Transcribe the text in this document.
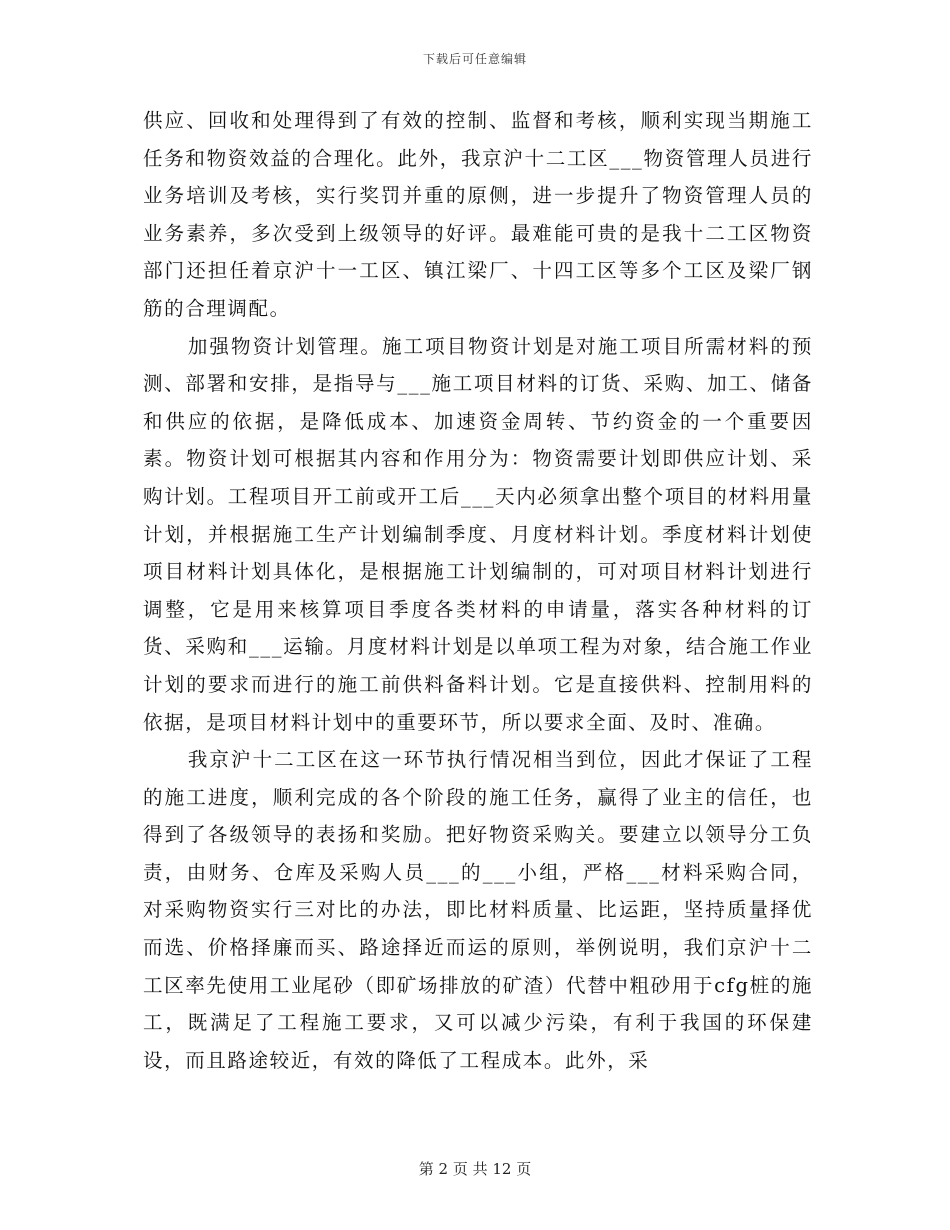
下载后可任意编辑

供应、回收和处理得到了有效的控制、监督和考核，顺利实现当期施工任务和物资效益的合理化。此外，我京沪十二工区___物资管理人员进行业务培训及考核，实行奖罚并重的原侧，进一步提升了物资管理人员的业务素养，多次受到上级领导的好评。最难能可贵的是我十二工区物资部门还担任着京沪十一工区、镇江梁厂、十四工区等多个工区及梁厂钢筋的合理调配。

加强物资计划管理。施工项目物资计划是对施工项目所需材料的预测、部署和安排，是指导与___施工项目材料的订货、采购、加工、储备和供应的依据，是降低成本、加速资金周转、节约资金的一个重要因素。物资计划可根据其内容和作用分为：物资需要计划即供应计划、采购计划。工程项目开工前或开工后___天内必须拿出整个项目的材料用量计划，并根据施工生产计划编制季度、月度材料计划。季度材料计划使项目材料计划具体化，是根据施工计划编制的，可对项目材料计划进行调整，它是用来核算项目季度各类材料的申请量，落实各种材料的订货、采购和___运输。月度材料计划是以单项工程为对象，结合施工作业计划的要求而进行的施工前供料备料计划。它是直接供料、控制用料的依据，是项目材料计划中的重要环节，所以要求全面、及时、准确。

我京沪十二工区在这一环节执行情况相当到位，因此才保证了工程的施工进度，顺利完成的各个阶段的施工任务，赢得了业主的信任，也得到了各级领导的表扬和奖励。把好物资采购关。要建立以领导分工负责，由财务、仓库及采购人员___的___小组，严格___材料采购合同，对采购物资实行三对比的办法，即比材料质量、比运距，坚持质量择优而选、价格择廉而买、路途择近而运的原则，举例说明，我们京沪十二工区率先使用工业尾砂（即矿场排放的矿渣）代替中粗砂用于cfg桩的施工，既满足了工程施工要求，又可以减少污染，有利于我国的环保建设，而且路途较近，有效的降低了工程成本。此外，采

第 2 页 共 12 页
